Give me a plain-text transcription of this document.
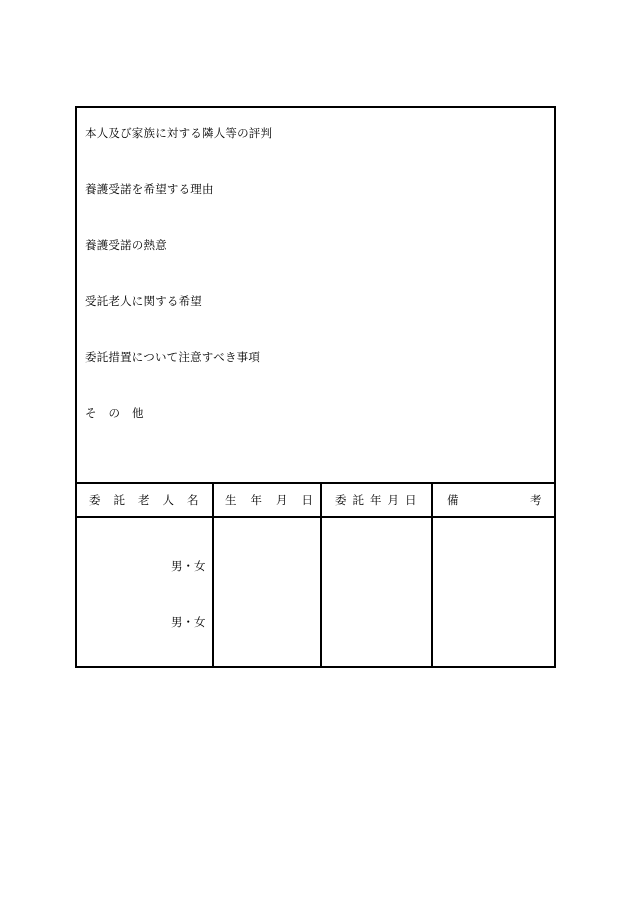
本人及び家族に対する隣人等の評判
養護受諾を希望する理由
養護受諾の熱意
受託老人に関する希望
委託措置について注意すべき事項
その他
委託老人名 生年月日 委託年月日	備	考
男・女
男・女
